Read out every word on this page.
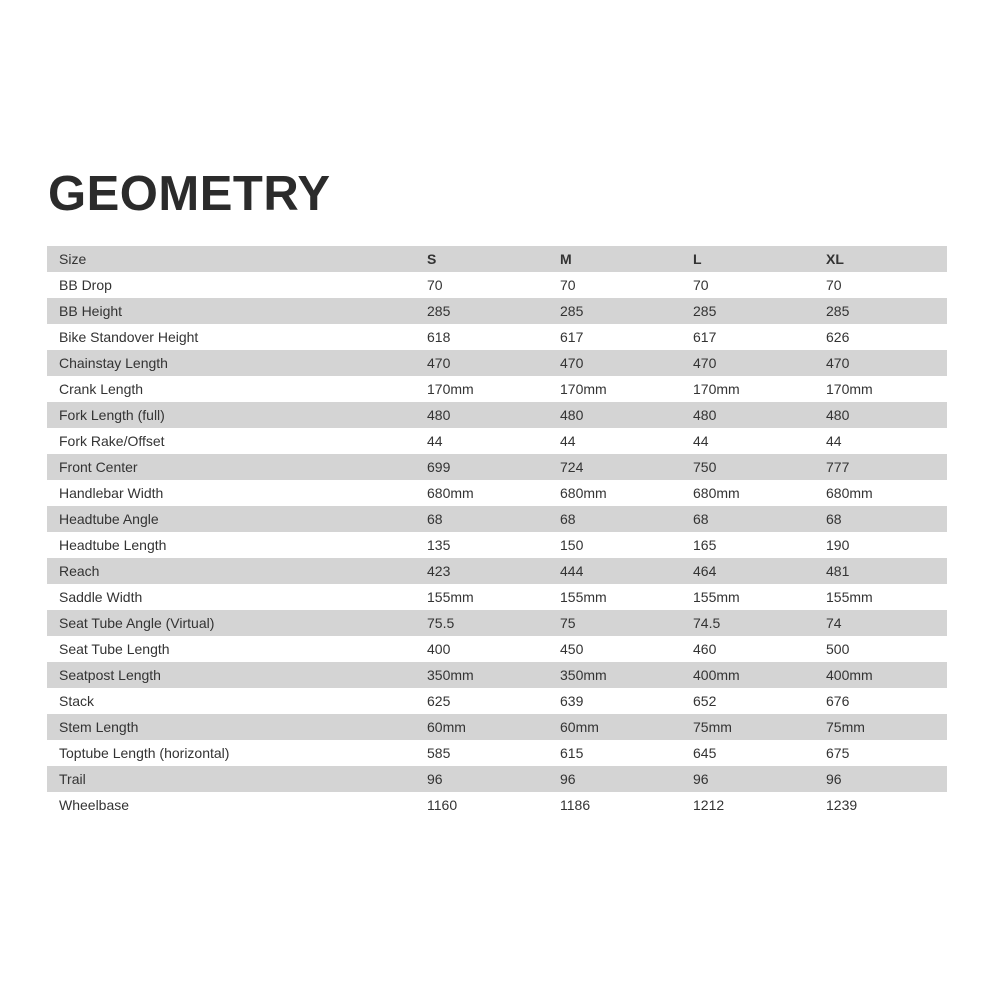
GEOMETRY
Size	S	M	L	XL
BB Drop	70	70	70	70
BB Height	285	285	285	285
Bike Standover Height	618	617	617	626
Chainstay Length	470	470	470	470
Crank Length	170mm	170mm	170mm	170mm
Fork Length (full)	480	480	480	480
Fork Rake/Offset	44	44	44	44
Front Center	699	724	750	777
Handlebar Width	680mm	680mm	680mm	680mm
Headtube Angle	68	68	68	68
Headtube Length	135	150	165	190
Reach	423	444	464	481
Saddle Width	155mm	155mm	155mm	155mm
Seat Tube Angle (Virtual)	75.5	75	74.5	74
Seat Tube Length	400	450	460	500
Seatpost Length	350mm	350mm	400mm	400mm
Stack	625	639	652	676
Stem Length	60mm	60mm	75mm	75mm
Toptube Length (horizontal)	585	615	645	675
Trail	96	96	96	96
Wheelbase	1160	1186	1212	1239
